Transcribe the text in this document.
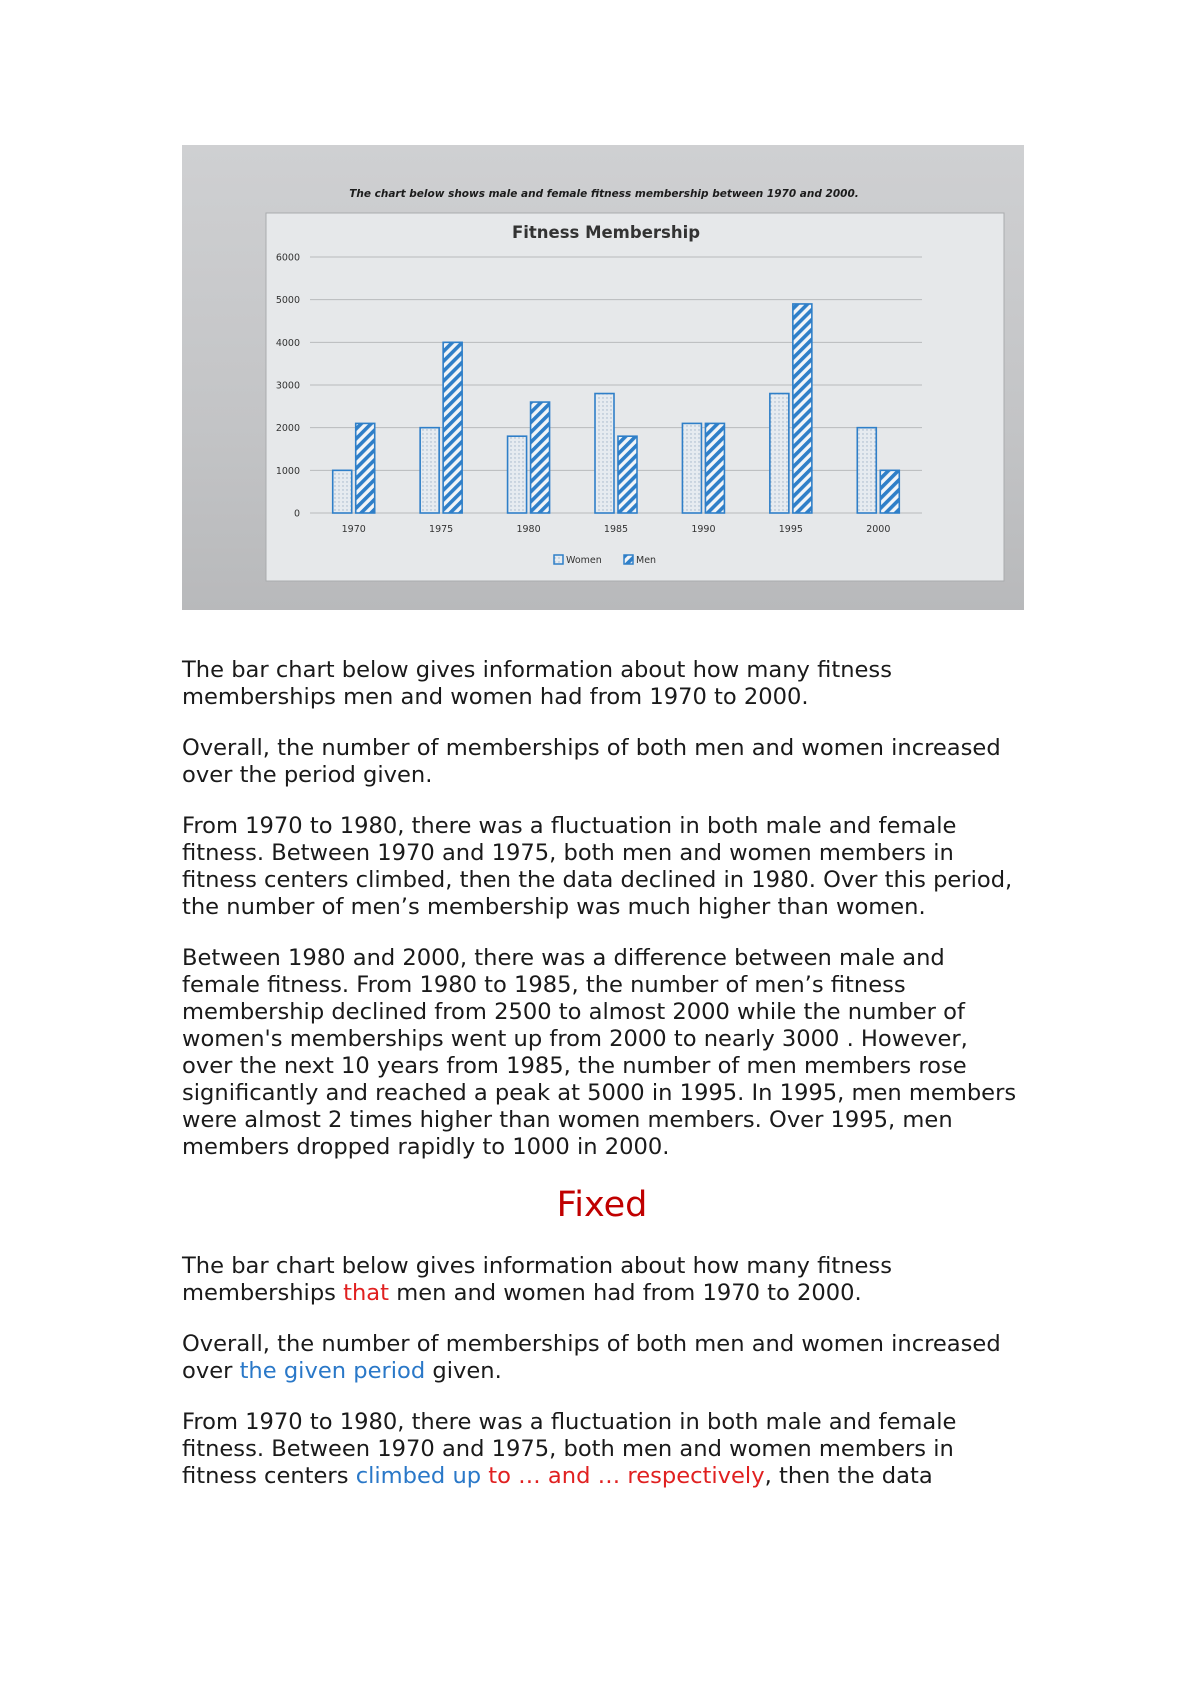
The chart below shows male and female fitness membership between 1970 and 2000.
Fitness Membership
0
1000
2000
3000
4000
5000
6000
1970	1975	1980	1985	1990	1995	2000
Women	Men

The bar chart below gives information about how many fitness memberships men and women had from 1970 to 2000.

Overall, the number of memberships of both men and women increased over the period given.

From 1970 to 1980, there was a fluctuation in both male and female fitness. Between 1970 and 1975, both men and women members in fitness centers climbed, then the data declined in 1980. Over this period, the number of men’s membership was much higher than women.

Between 1980 and 2000, there was a difference between male and female fitness. From 1980 to 1985, the number of men’s fitness membership declined from 2500 to almost 2000 while the number of women's memberships went up from 2000 to nearly 3000 . However, over the next 10 years from 1985, the number of men members rose significantly and reached a peak at 5000 in 1995. In 1995, men members were almost 2 times higher than women members. Over 1995, men members dropped rapidly to 1000 in 2000.

Fixed

The bar chart below gives information about how many fitness memberships that men and women had from 1970 to 2000.

Overall, the number of memberships of both men and women increased over the given period given.

From 1970 to 1980, there was a fluctuation in both male and female fitness. Between 1970 and 1975, both men and women members in fitness centers climbed up to … and … respectively, then the data
